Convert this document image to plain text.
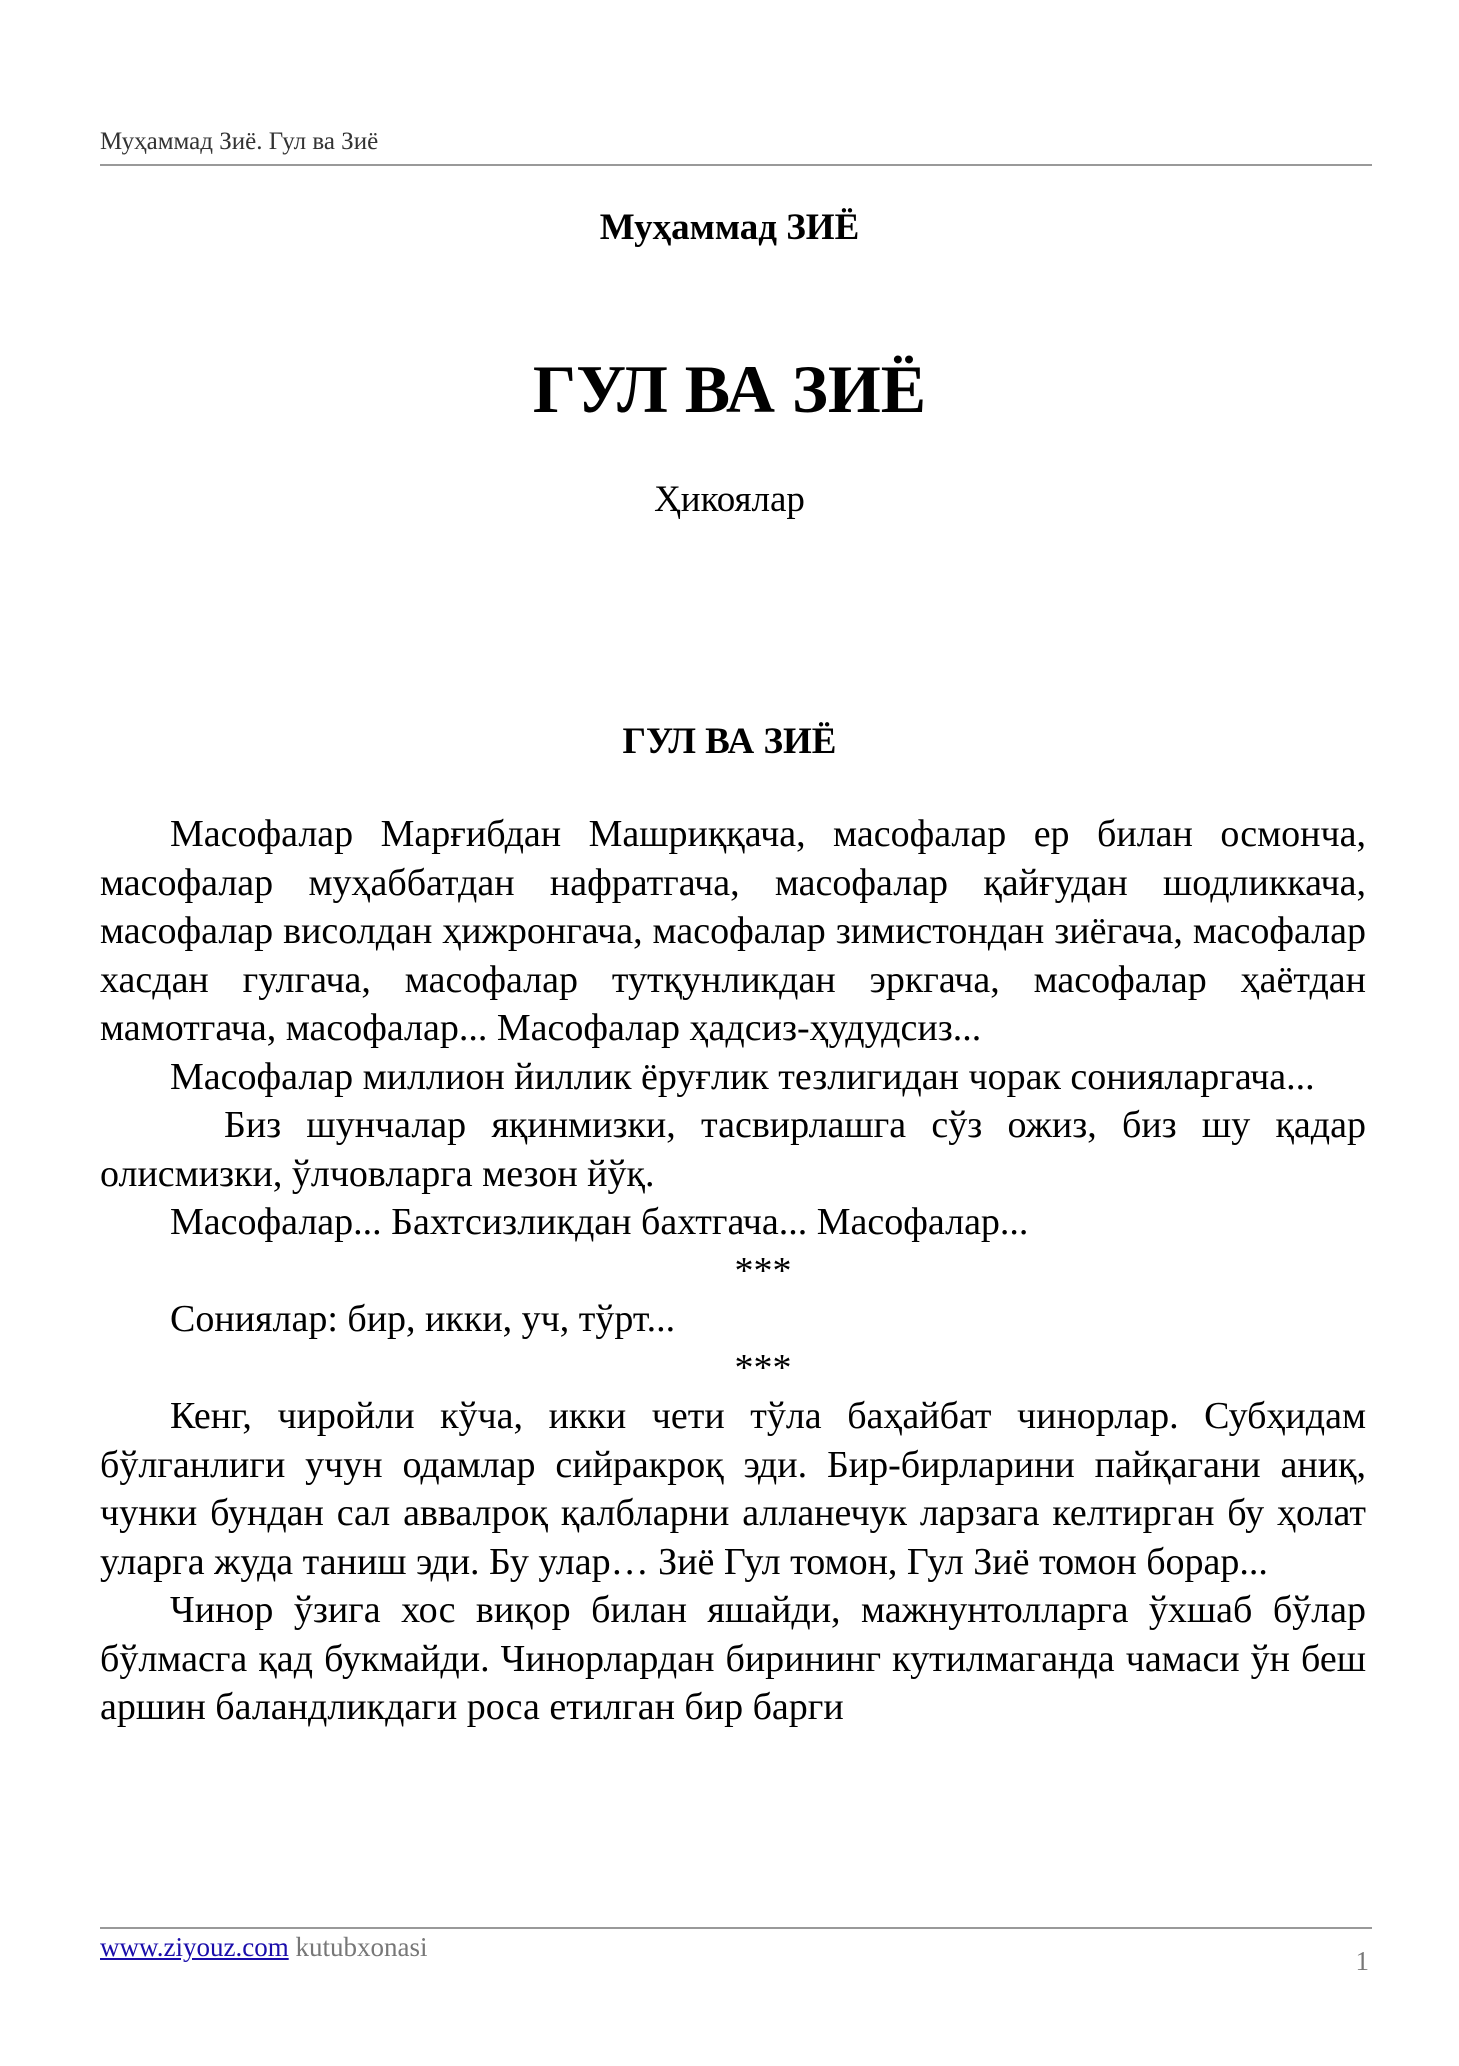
Муҳаммад Зиё. Гул ва Зиё
Муҳаммад ЗИЁ
ГУЛ ВА ЗИЁ
Ҳикоялар
ГУЛ ВА ЗИЁ

Масофалар Марғибдан Машриққача, масофалар ер билан осмонча, масофалар муҳаббатдан нафратгача, масофалар қайғудан шодликкача, масофалар висолдан ҳижронгача, масофалар зимистондан зиёгача, масофалар хасдан гулгача, масофалар тутқунликдан эркгача, масофалар ҳаётдан мамотгача, масофалар... Масофалар ҳадсиз-ҳудудсиз...

Масофалар миллион йиллик ёруғлик тезлигидан чорак сонияларгача...

Биз шунчалар яқинмизки, тасвирлашга сўз ожиз, биз шу қадар олисмизки, ўлчовларга мезон йўқ.

Масофалар... Бахтсизликдан бахтгача... Масофалар...

***

Сониялар: бир, икки, уч, тўрт...

***

Кенг, чиройли кўча, икки чети тўла баҳайбат чинорлар. Субҳидам бўлганлиги учун одамлар сийракроқ эди. Бир-бирларини пайқагани аниқ, чунки бундан сал аввалроқ қалбларни алланечук ларзага келтирган бу ҳолат уларга жуда таниш эди. Бу улар… Зиё Гул томон, Гул Зиё томон борар...

Чинор ўзига хос виқор билан яшайди, мажнунтолларга ўхшаб бўлар бўлмасга қад букмайди. Чинорлардан бирининг кутилмаганда чамаси ўн беш аршин баландликдаги роса етилган бир барги

www.ziyouz.com kutubxonasi	1
